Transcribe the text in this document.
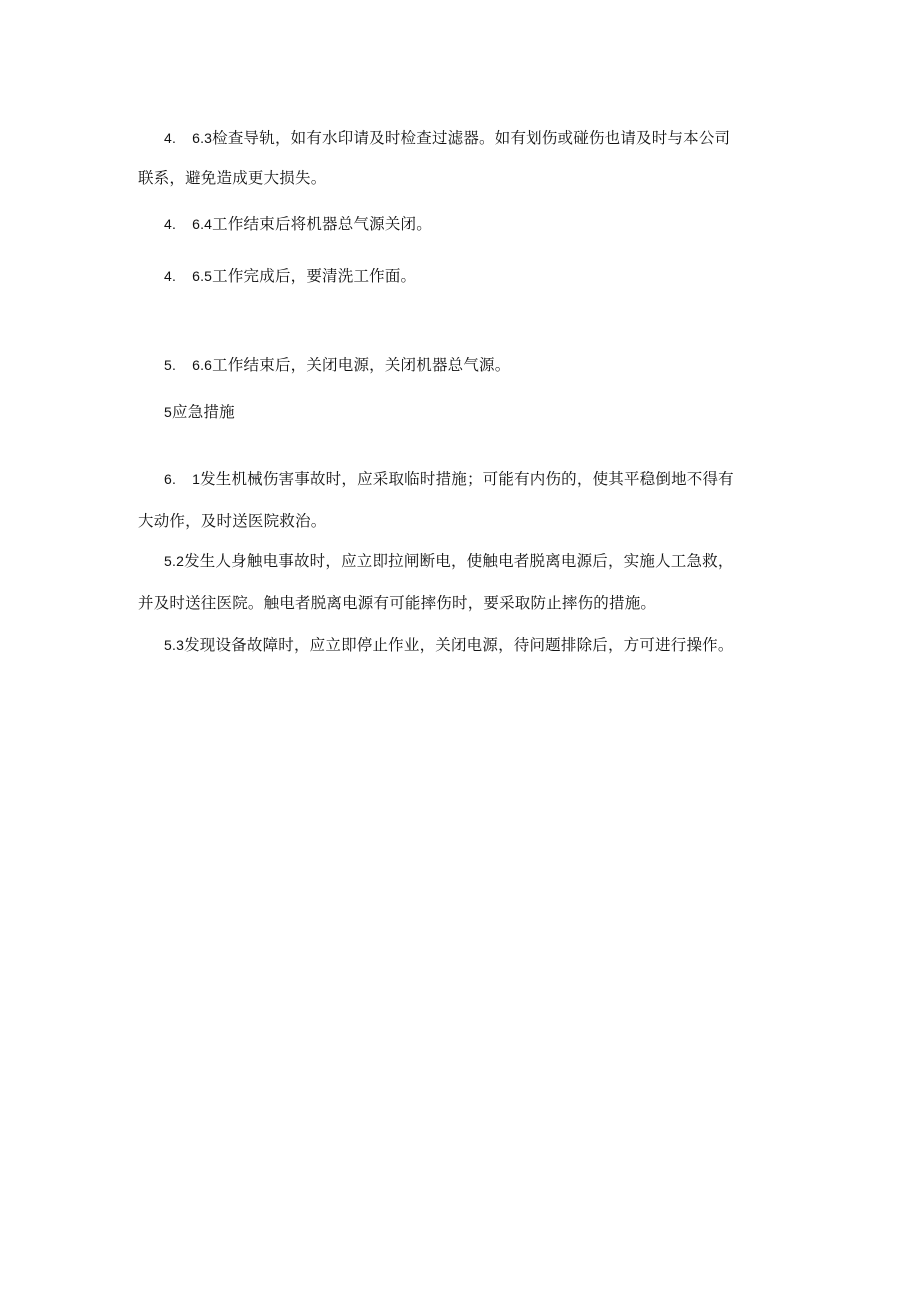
4. 6.3检查导轨，如有水印请及时检查过滤器。如有划伤或碰伤也请及时与本公司
联系，避免造成更大损失。
4. 6.4工作结束后将机器总气源关闭。
4. 6.5工作完成后，要清洗工作面。
5. 6.6工作结束后，关闭电源，关闭机器总气源。
5应急措施
6. 1发生机械伤害事故时，应采取临时措施；可能有内伤的，使其平稳倒地不得有
大动作，及时送医院救治。
5.2发生人身触电事故时，应立即拉闸断电，使触电者脱离电源后，实施人工急救，
并及时送往医院。触电者脱离电源有可能摔伤时，要采取防止摔伤的措施。
5.3发现设备故障时，应立即停止作业，关闭电源，待问题排除后，方可进行操作。
